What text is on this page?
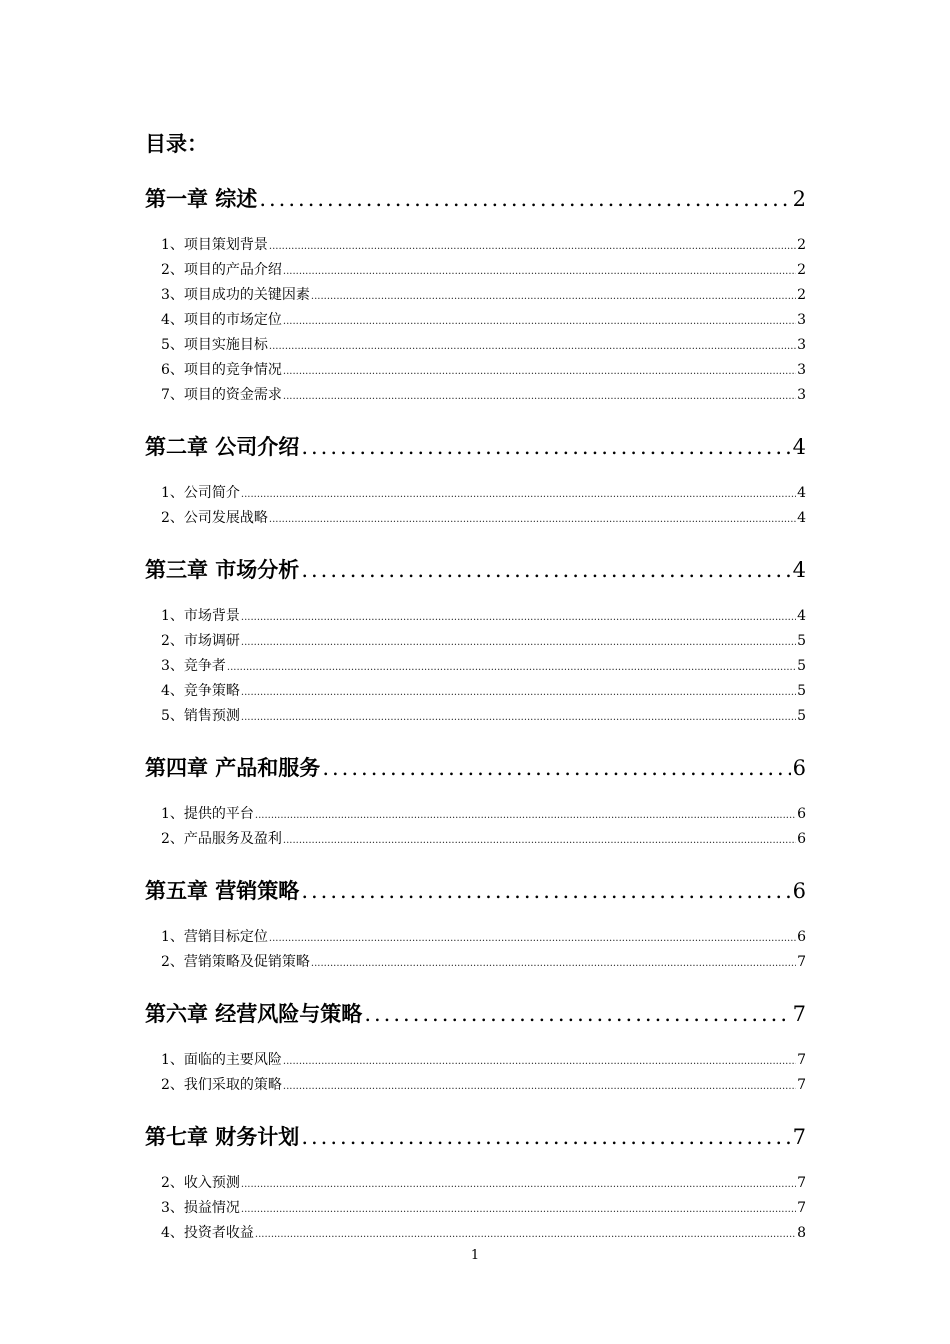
目录：
第一章 综述 .....	2
1、项目策划背景 .....	2
2、项目的产品介绍 .....	2
3、项目成功的关键因素 .....	2
4、项目的市场定位 .....	3
5、项目实施目标 .....	3
6、项目的竞争情况 .....	3
7、项目的资金需求 .....	3
第二章 公司介绍 .....	4
1、公司简介 .....	4
2、公司发展战略 .....	4
第三章 市场分析 .....	4
1、市场背景 .....	4
2、市场调研 .....	5
3、竞争者 .....	5
4、竞争策略 .....	5
5、销售预测 .....	5
第四章 产品和服务 .....	6
1、提供的平台 .....	6
2、产品服务及盈利 .....	6
第五章 营销策略 .....	6
1、营销目标定位 .....	6
2、营销策略及促销策略 .....	7
第六章 经营风险与策略 .....	7
1、面临的主要风险 .....	7
2、我们采取的策略 .....	7
第七章 财务计划 .....	7
2、收入预测 .....	7
3、损益情况 .....	7
4、投资者收益 .....	8
1
